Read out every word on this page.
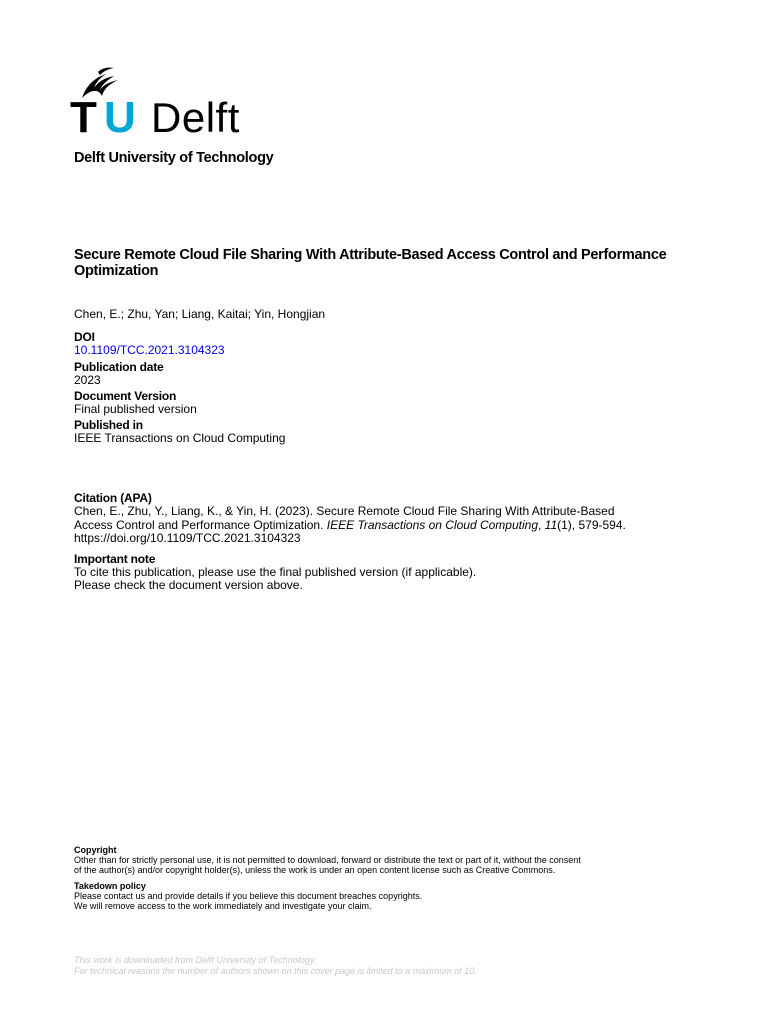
T U Delft
Delft University of Technology
Secure Remote Cloud File Sharing With Attribute-Based Access Control and Performance Optimization
Chen, E.; Zhu, Yan; Liang, Kaitai; Yin, Hongjian
DOI
10.1109/TCC.2021.3104323
Publication date
2023
Document Version
Final published version
Published in
IEEE Transactions on Cloud Computing
Citation (APA)
Chen, E., Zhu, Y., Liang, K., & Yin, H. (2023). Secure Remote Cloud File Sharing With Attribute-Based
Access Control and Performance Optimization. IEEE Transactions on Cloud Computing, 11(1), 579-594.
https://doi.org/10.1109/TCC.2021.3104323
Important note
To cite this publication, please use the final published version (if applicable).
Please check the document version above.
Copyright
Other than for strictly personal use, it is not permitted to download, forward or distribute the text or part of it, without the consent
of the author(s) and/or copyright holder(s), unless the work is under an open content license such as Creative Commons.
Takedown policy
Please contact us and provide details if you believe this document breaches copyrights.
We will remove access to the work immediately and investigate your claim.
This work is downloaded from Delft University of Technology.
For technical reasons the number of authors shown on this cover page is limited to a maximum of 10.
